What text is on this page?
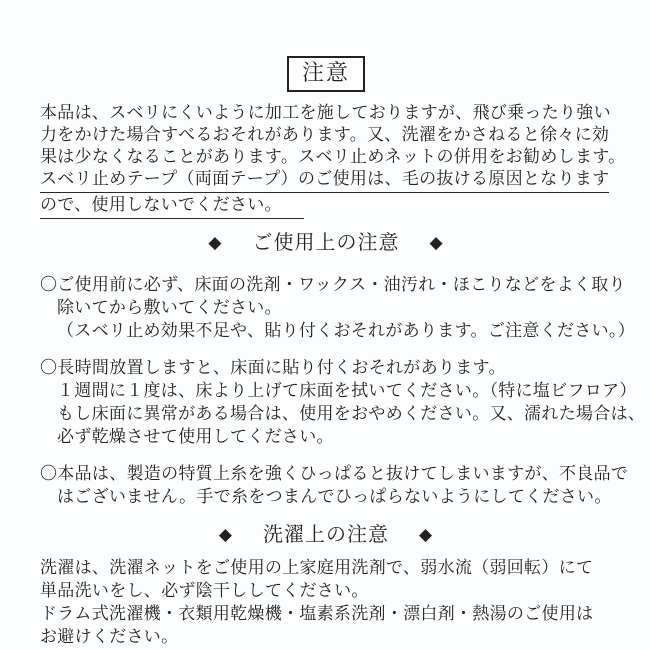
注意
本品は、スベリにくいように加工を施しておりますが、飛び乗ったり強い
力をかけた場合すべるおそれがあります。又、洗濯をかさねると徐々に効
果は少なくなることがあります。スベリ止めネットの併用をお勧めします。
スベリ止めテープ（両面テープ）のご使用は、毛の抜ける原因となります
ので、使用しないでください。
◆ ご使用上の注意 ◆
〇ご使用前に必ず、床面の洗剤・ワックス・油汚れ・ほこりなどをよく取り
除いてから敷いてください。
（スベリ止め効果不足や、貼り付くおそれがあります。ご注意ください。）
〇長時間放置しますと、床面に貼り付くおそれがあります。
１週間に１度は、床より上げて床面を拭いてください。（特に塩ビフロア）
もし床面に異常がある場合は、使用をおやめください。又、濡れた場合は、
必ず乾燥させて使用してください。
〇本品は、製造の特質上糸を強くひっぱると抜けてしまいますが、不良品で
はございません。手で糸をつまんでひっぱらないようにしてください。
◆ 洗濯上の注意 ◆
洗濯は、洗濯ネットをご使用の上家庭用洗剤で、弱水流（弱回転）にて
単品洗いをし、必ず陰干ししてください。
ドラム式洗濯機・衣類用乾燥機・塩素系洗剤・漂白剤・熱湯のご使用は
お避けください。
